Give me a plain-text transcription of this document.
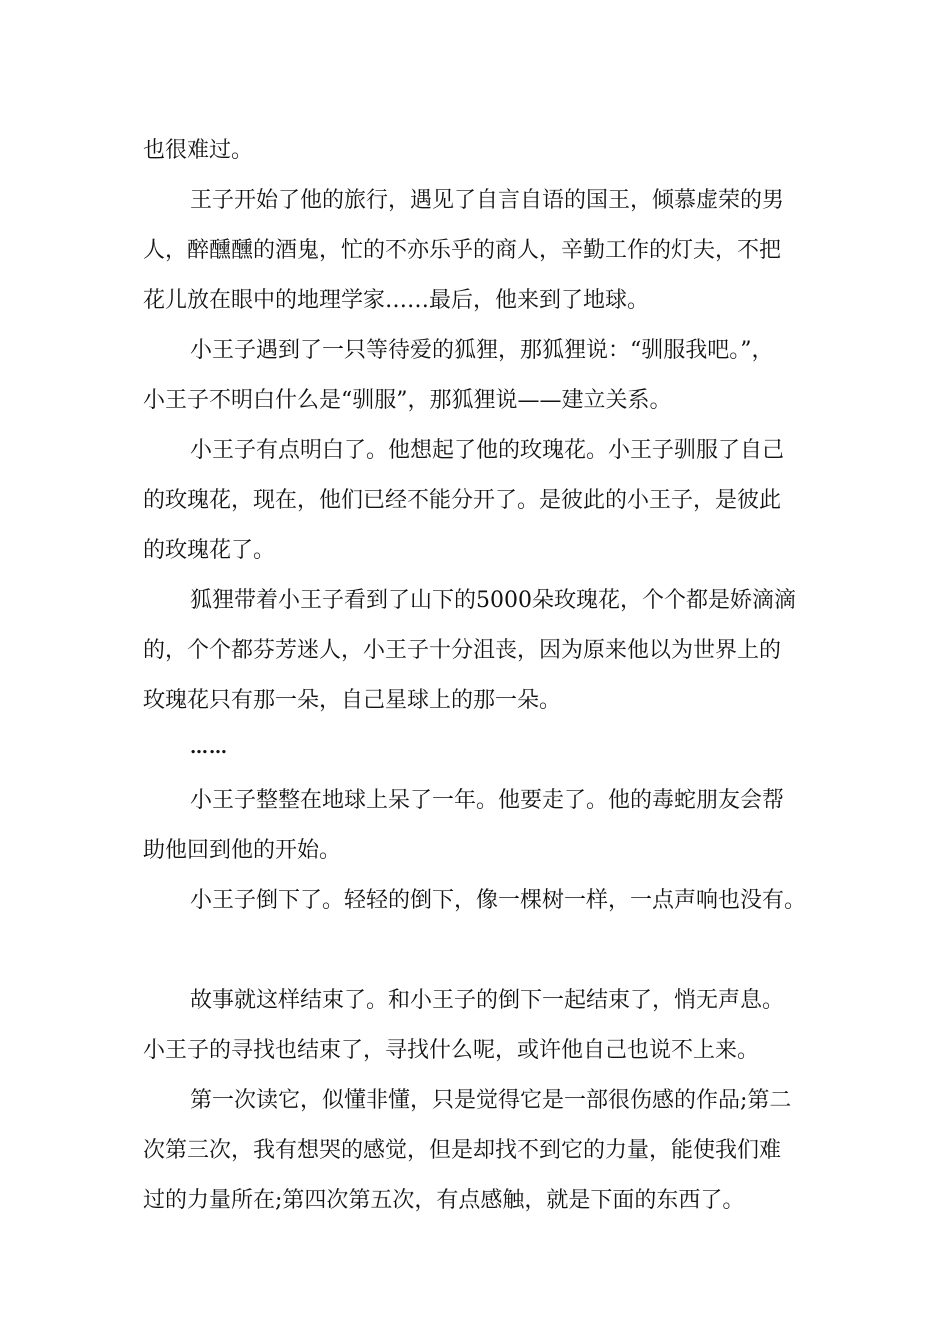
也很难过。
王子开始了他的旅行，遇见了自言自语的国王，倾慕虚荣的男
人，醉醺醺的酒鬼，忙的不亦乐乎的商人，辛勤工作的灯夫，不把
花儿放在眼中的地理学家……最后，他来到了地球。
小王子遇到了一只等待爱的狐狸，那狐狸说：“驯服我吧。”，
小王子不明白什么是“驯服”，那狐狸说——建立关系。
小王子有点明白了。他想起了他的玫瑰花。小王子驯服了自己
的玫瑰花，现在，他们已经不能分开了。是彼此的小王子，是彼此
的玫瑰花了。
狐狸带着小王子看到了山下的5000朵玫瑰花，个个都是娇滴滴
的，个个都芬芳迷人，小王子十分沮丧，因为原来他以为世界上的
玫瑰花只有那一朵，自己星球上的那一朵。
……
小王子整整在地球上呆了一年。他要走了。他的毒蛇朋友会帮
助他回到他的开始。
小王子倒下了。轻轻的倒下，像一棵树一样，一点声响也没有。
故事就这样结束了。和小王子的倒下一起结束了，悄无声息。
小王子的寻找也结束了，寻找什么呢，或许他自己也说不上来。
第一次读它，似懂非懂，只是觉得它是一部很伤感的作品;第二
次第三次，我有想哭的感觉，但是却找不到它的力量，能使我们难
过的力量所在;第四次第五次，有点感触，就是下面的东西了。
